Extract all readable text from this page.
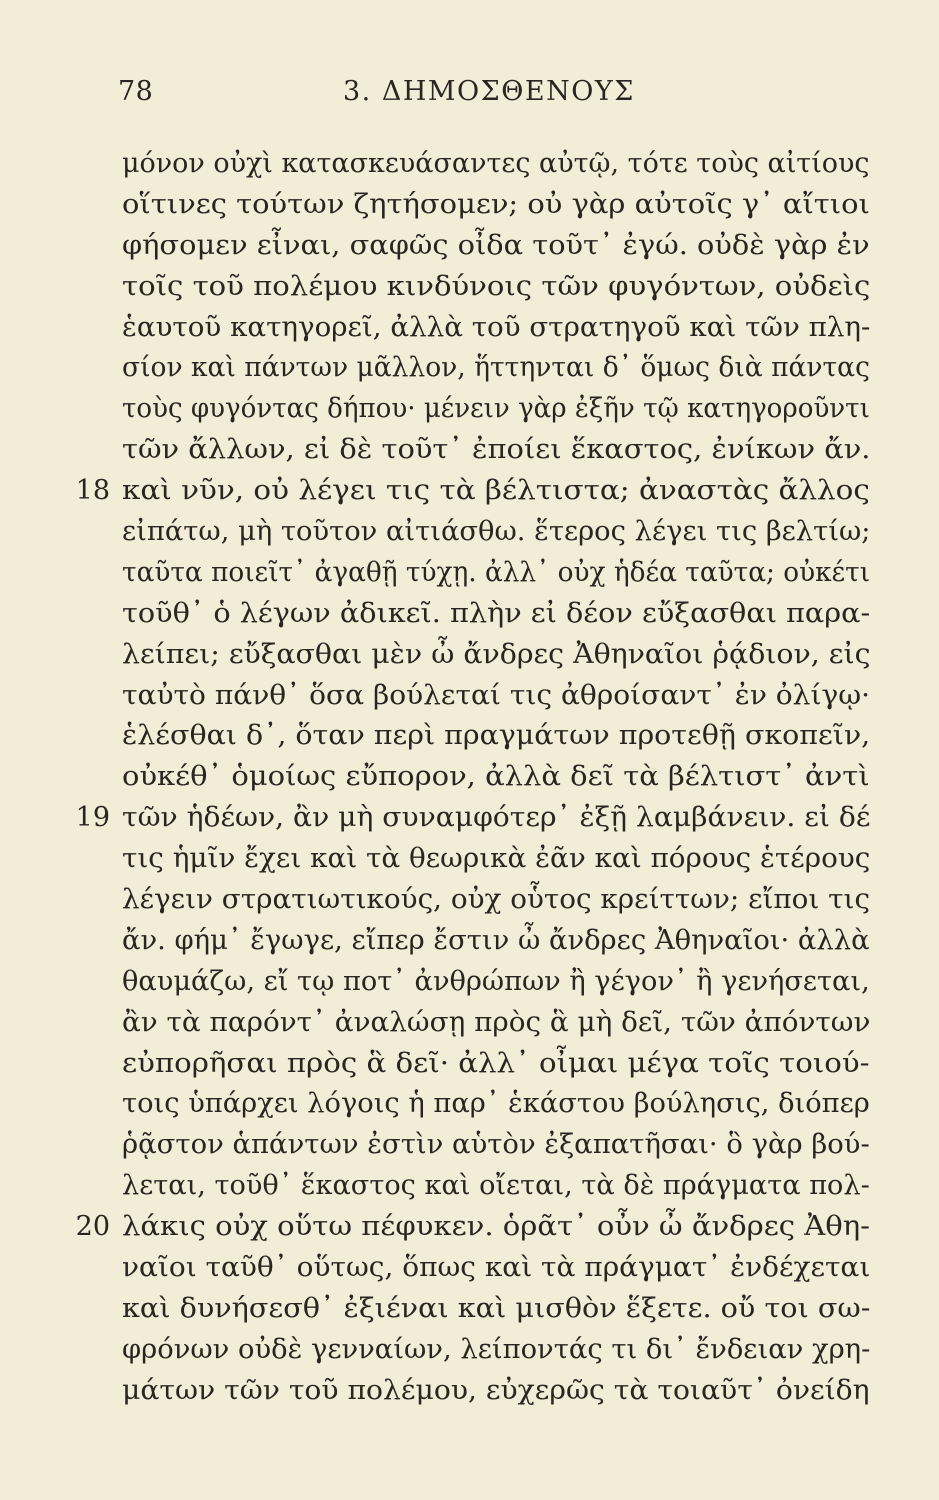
78	3. ΔΗΜΟΣΘΕΝΟΥΣ
μόνον οὐχὶ κατασκευάσαντες αὐτῷ, τότε τοὺς αἰτίους
οἵτινες τούτων ζητήσομεν; οὐ γὰρ αὐτοῖς γ᾽ αἴτιοι
φήσομεν εἶναι, σαφῶς οἶδα τοῦτ᾽ ἐγώ. οὐδὲ γὰρ ἐν
τοῖς τοῦ πολέμου κινδύνοις τῶν φυγόντων, οὐδεὶς
ἑαυτοῦ κατηγορεῖ, ἀλλὰ τοῦ στρατηγοῦ καὶ τῶν πλη-
σίον καὶ πάντων μᾶλλον, ἥττηνται δ᾽ ὅμως διὰ πάντας
τοὺς φυγόντας δήπου· μένειν γὰρ ἐξῆν τῷ κατηγοροῦντι
τῶν ἄλλων, εἰ δὲ τοῦτ᾽ ἐποίει ἕκαστος, ἐνίκων ἄν.
18 καὶ νῦν, οὐ λέγει τις τὰ βέλτιστα; ἀναστὰς ἄλλος
εἰπάτω, μὴ τοῦτον αἰτιάσθω. ἕτερος λέγει τις βελτίω;
ταῦτα ποιεῖτ᾽ ἀγαθῇ τύχῃ. ἀλλ᾽ οὐχ ἡδέα ταῦτα; οὐκέτι
τοῦθ᾽ ὁ λέγων ἀδικεῖ. πλὴν εἰ δέον εὔξασθαι παρα-
λείπει; εὔξασθαι μὲν ὦ ἄνδρες Ἀθηναῖοι ῥᾴδιον, εἰς
ταὐτὸ πάνθ᾽ ὅσα βούλεταί τις ἀθροίσαντ᾽ ἐν ὀλίγῳ·
ἑλέσθαι δ᾽, ὅταν περὶ πραγμάτων προτεθῇ σκοπεῖν,
οὐκέθ᾽ ὁμοίως εὔπορον, ἀλλὰ δεῖ τὰ βέλτιστ᾽ ἀντὶ
19 τῶν ἡδέων, ἂν μὴ συναμφότερ᾽ ἐξῇ λαμβάνειν. εἰ δέ
τις ἡμῖν ἔχει καὶ τὰ θεωρικὰ ἐᾶν καὶ πόρους ἑτέρους
λέγειν στρατιωτικούς, οὐχ οὗτος κρείττων; εἴποι τις
ἄν. φήμ᾽ ἔγωγε, εἴπερ ἔστιν ὦ ἄνδρες Ἀθηναῖοι· ἀλλὰ
θαυμάζω, εἴ τῳ ποτ᾽ ἀνθρώπων ἢ γέγον᾽ ἢ γενήσεται,
ἂν τὰ παρόντ᾽ ἀναλώσῃ πρὸς ἃ μὴ δεῖ, τῶν ἀπόντων
εὐπορῆσαι πρὸς ἃ δεῖ· ἀλλ᾽ οἶμαι μέγα τοῖς τοιού-
τοις ὑπάρχει λόγοις ἡ παρ᾽ ἑκάστου βούλησις, διόπερ
ῥᾷστον ἁπάντων ἐστὶν αὑτὸν ἐξαπατῆσαι· ὃ γὰρ βού-
λεται, τοῦθ᾽ ἕκαστος καὶ οἴεται, τὰ δὲ πράγματα πολ-
20 λάκις οὐχ οὕτω πέφυκεν. ὁρᾶτ᾽ οὖν ὦ ἄνδρες Ἀθη-
ναῖοι ταῦθ᾽ οὕτως, ὅπως καὶ τὰ πράγματ᾽ ἐνδέχεται
καὶ δυνήσεσθ᾽ ἐξιέναι καὶ μισθὸν ἕξετε. οὔ τοι σω-
φρόνων οὐδὲ γενναίων, λείποντάς τι δι᾽ ἔνδειαν χρη-
μάτων τῶν τοῦ πολέμου, εὐχερῶς τὰ τοιαῦτ᾽ ὀνείδη
